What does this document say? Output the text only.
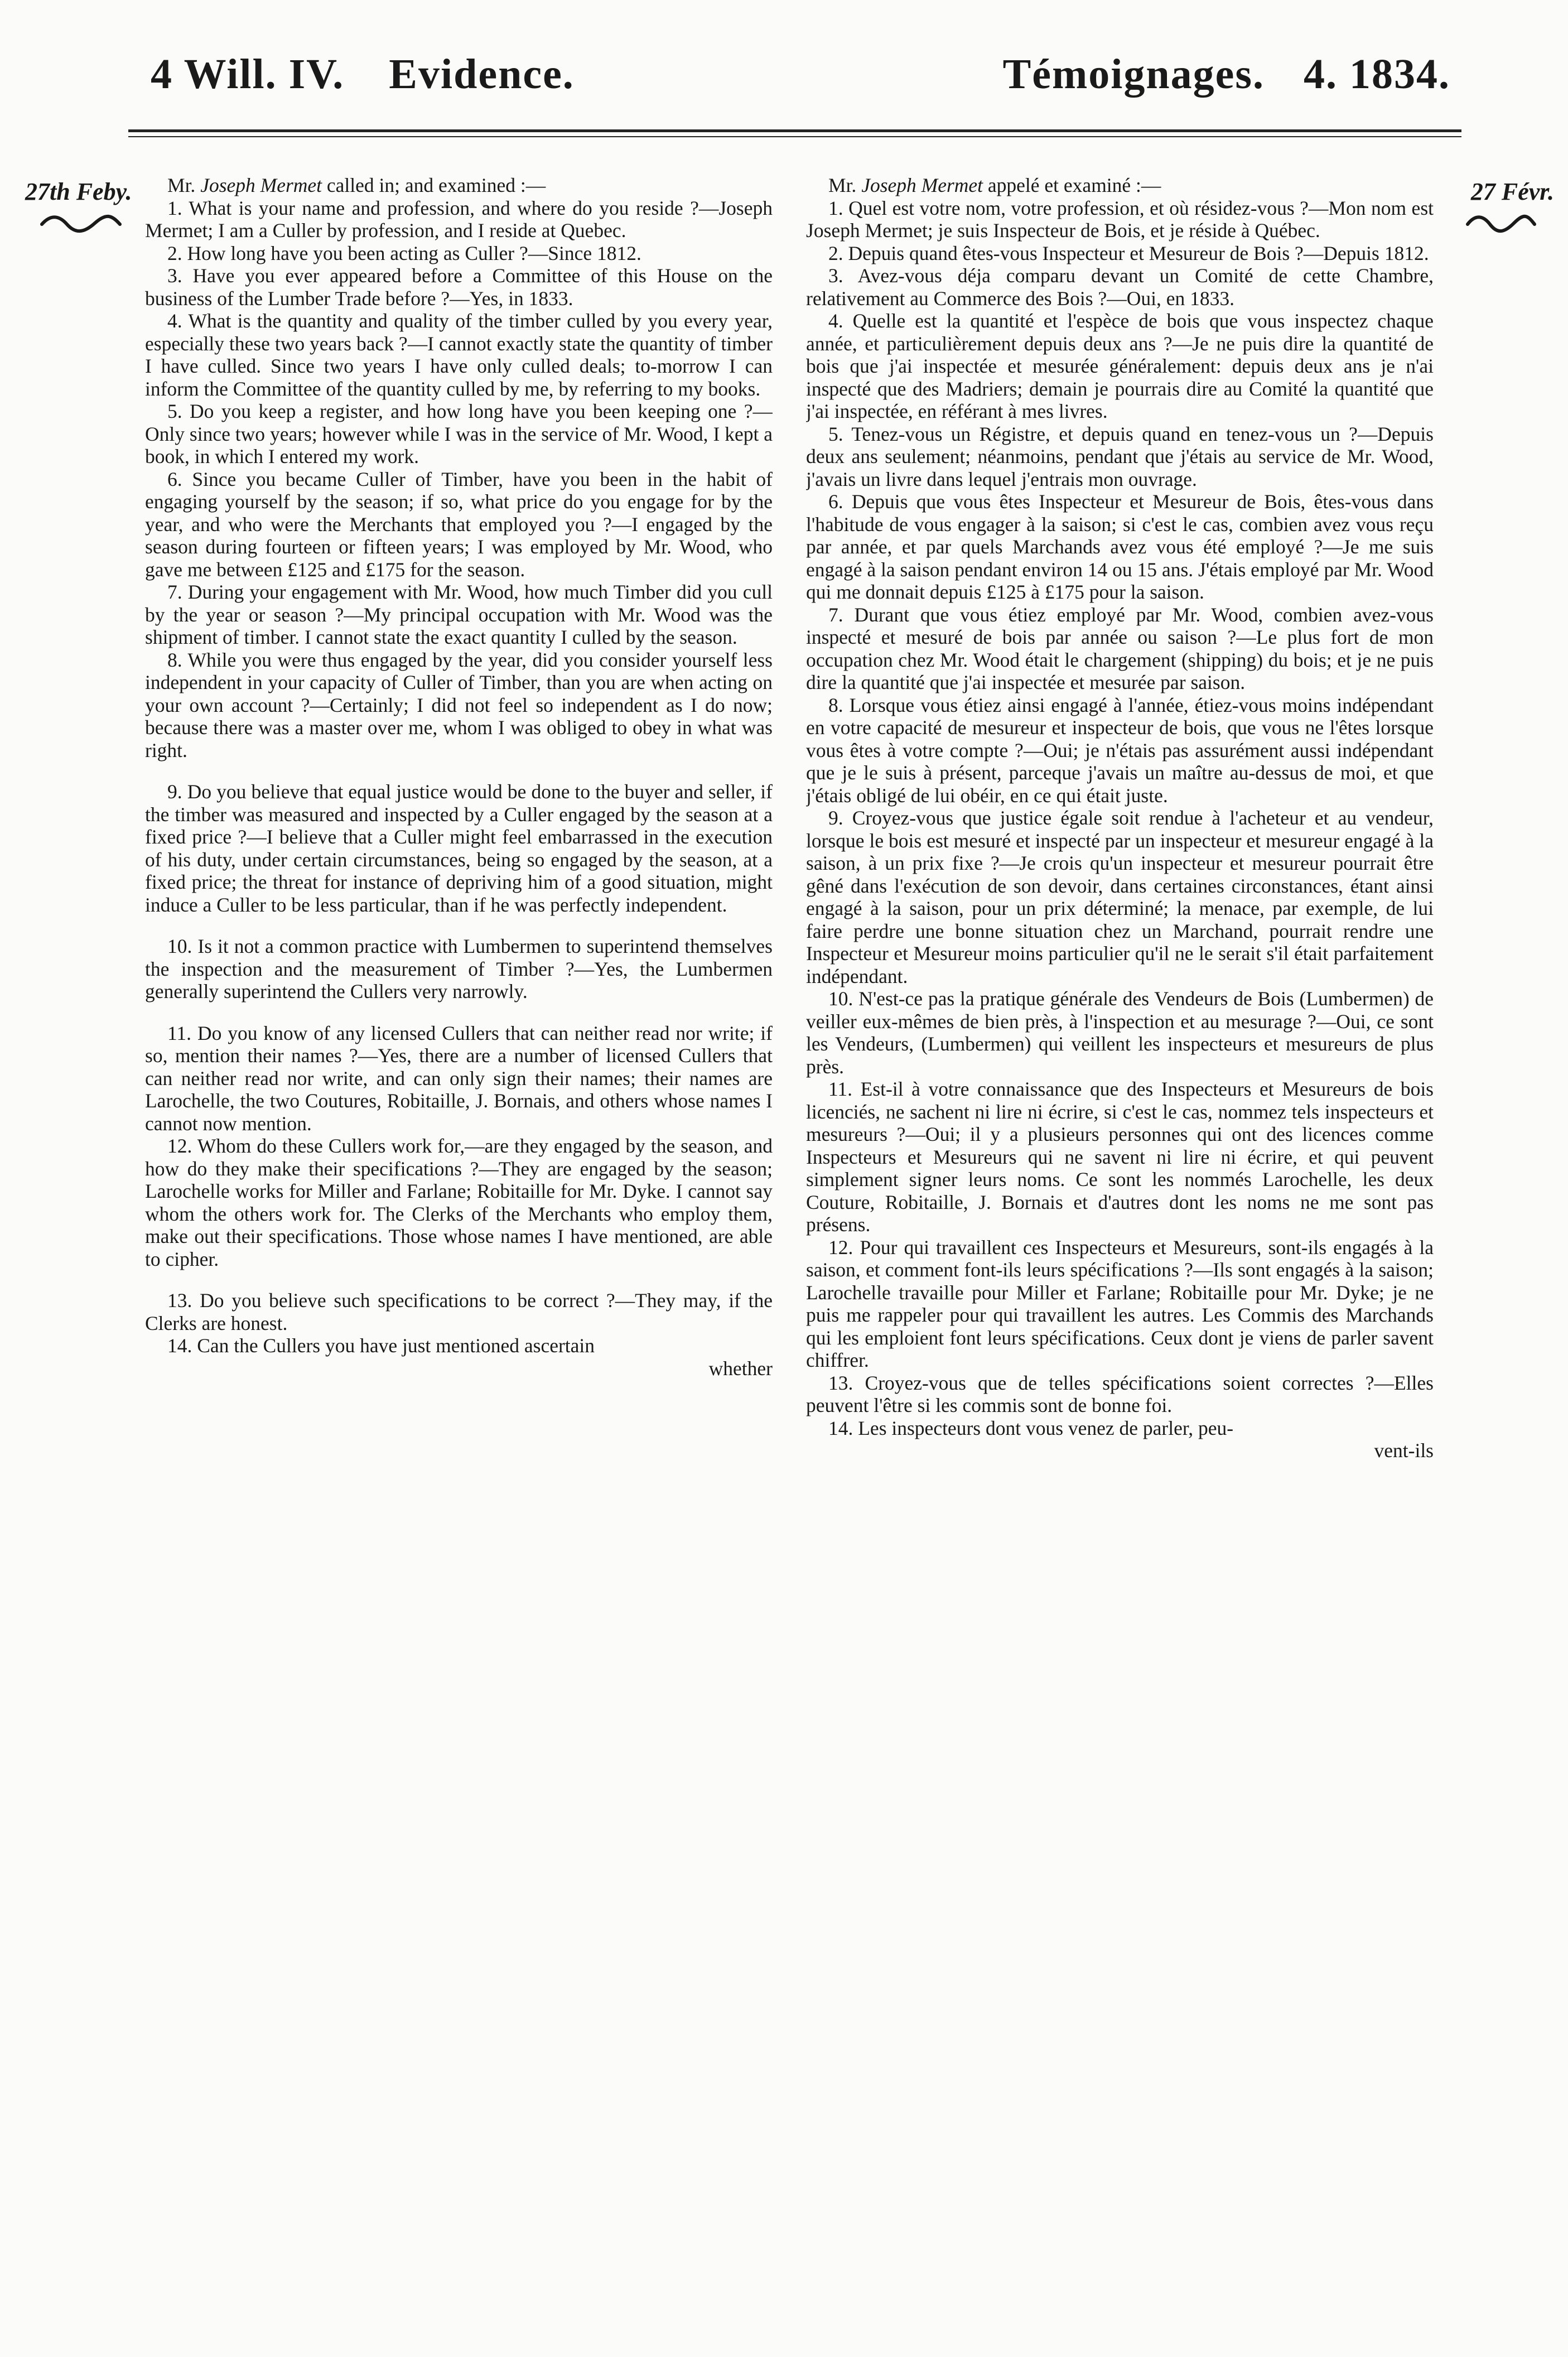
4 Will. IV. Evidence.	Témoignages. 4. 1834.
27th Feby.	27 Févr.

Mr. Joseph Mermet called in; and examined :—

1. What is your name and profession, and where do you reside ?—Joseph Mermet; I am a Culler by profession, and I reside at Quebec.

2. How long have you been acting as Culler ?—Since 1812.

3. Have you ever appeared before a Committee of this House on the business of the Lumber Trade before ?—Yes, in 1833.

4. What is the quantity and quality of the timber culled by you every year, especially these two years back ?—I cannot exactly state the quantity of timber I have culled. Since two years I have only culled deals; to-morrow I can inform the Committee of the quantity culled by me, by referring to my books.

5. Do you keep a register, and how long have you been keeping one ?—Only since two years; however while I was in the service of Mr. Wood, I kept a book, in which I entered my work.

6. Since you became Culler of Timber, have you been in the habit of engaging yourself by the season; if so, what price do you engage for by the year, and who were the Merchants that employed you ?—I engaged by the season during fourteen or fifteen years; I was employed by Mr. Wood, who gave me between £125 and £175 for the season.

7. During your engagement with Mr. Wood, how much Timber did you cull by the year or season ?—My principal occupation with Mr. Wood was the shipment of timber. I cannot state the exact quantity I culled by the season.

8. While you were thus engaged by the year, did you consider yourself less independent in your capacity of Culler of Timber, than you are when acting on your own account ?—Certainly; I did not feel so independent as I do now; because there was a master over me, whom I was obliged to obey in what was right.

9. Do you believe that equal justice would be done to the buyer and seller, if the timber was measured and inspected by a Culler engaged by the season at a fixed price ?—I believe that a Culler might feel embarrassed in the execution of his duty, under certain circumstances, being so engaged by the season, at a fixed price; the threat for instance of depriving him of a good situation, might induce a Culler to be less particular, than if he was perfectly independent.

10. Is it not a common practice with Lumbermen to superintend themselves the inspection and the measurement of Timber ?—Yes, the Lumbermen generally superintend the Cullers very narrowly.

11. Do you know of any licensed Cullers that can neither read nor write; if so, mention their names ?—Yes, there are a number of licensed Cullers that can neither read nor write, and can only sign their names; their names are Larochelle, the two Coutures, Robitaille, J. Bornais, and others whose names I cannot now mention.

12. Whom do these Cullers work for,—are they engaged by the season, and how do they make their specifications ?—They are engaged by the season; Larochelle works for Miller and Farlane; Robitaille for Mr. Dyke. I cannot say whom the others work for. The Clerks of the Merchants who employ them, make out their specifications. Those whose names I have mentioned, are able to cipher.

13. Do you believe such specifications to be correct ?—They may, if the Clerks are honest.

14. Can the Cullers you have just mentioned ascertain

whether

Mr. Joseph Mermet appelé et examiné :—

1. Quel est votre nom, votre profession, et où résidez-vous ?—Mon nom est Joseph Mermet; je suis Inspecteur de Bois, et je réside à Québec.

2. Depuis quand êtes-vous Inspecteur et Mesureur de Bois ?—Depuis 1812.

3. Avez-vous déja comparu devant un Comité de cette Chambre, relativement au Commerce des Bois ?—Oui, en 1833.

4. Quelle est la quantité et l'espèce de bois que vous inspectez chaque année, et particulièrement depuis deux ans ?—Je ne puis dire la quantité de bois que j'ai inspectée et mesurée généralement: depuis deux ans je n'ai inspecté que des Madriers; demain je pourrais dire au Comité la quantité que j'ai inspectée, en référant à mes livres.

5. Tenez-vous un Régistre, et depuis quand en tenez-vous un ?—Depuis deux ans seulement; néanmoins, pendant que j'étais au service de Mr. Wood, j'avais un livre dans lequel j'entrais mon ouvrage.

6. Depuis que vous êtes Inspecteur et Mesureur de Bois, êtes-vous dans l'habitude de vous engager à la saison; si c'est le cas, combien avez vous reçu par année, et par quels Marchands avez vous été employé ?—Je me suis engagé à la saison pendant environ 14 ou 15 ans. J'étais employé par Mr. Wood qui me donnait depuis £125 à £175 pour la saison.

7. Durant que vous étiez employé par Mr. Wood, combien avez-vous inspecté et mesuré de bois par année ou saison ?—Le plus fort de mon occupation chez Mr. Wood était le chargement (shipping) du bois; et je ne puis dire la quantité que j'ai inspectée et mesurée par saison.

8. Lorsque vous étiez ainsi engagé à l'année, étiez-vous moins indépendant en votre capacité de mesureur et inspecteur de bois, que vous ne l'êtes lorsque vous êtes à votre compte ?—Oui; je n'étais pas assurément aussi indépendant que je le suis à présent, parceque j'avais un maître au-dessus de moi, et que j'étais obligé de lui obéir, en ce qui était juste.

9. Croyez-vous que justice égale soit rendue à l'acheteur et au vendeur, lorsque le bois est mesuré et inspecté par un inspecteur et mesureur engagé à la saison, à un prix fixe ?—Je crois qu'un inspecteur et mesureur pourrait être gêné dans l'exécution de son devoir, dans certaines circonstances, étant ainsi engagé à la saison, pour un prix déterminé; la menace, par exemple, de lui faire perdre une bonne situation chez un Marchand, pourrait rendre une Inspecteur et Mesureur moins particulier qu'il ne le serait s'il était parfaitement indépendant.

10. N'est-ce pas la pratique générale des Vendeurs de Bois (Lumbermen) de veiller eux-mêmes de bien près, à l'inspection et au mesurage ?—Oui, ce sont les Vendeurs, (Lumbermen) qui veillent les inspecteurs et mesureurs de plus près.

11. Est-il à votre connaissance que des Inspecteurs et Mesureurs de bois licenciés, ne sachent ni lire ni écrire, si c'est le cas, nommez tels inspecteurs et mesureurs ?—Oui; il y a plusieurs personnes qui ont des licences comme Inspecteurs et Mesureurs qui ne savent ni lire ni écrire, et qui peuvent simplement signer leurs noms. Ce sont les nommés Larochelle, les deux Couture, Robitaille, J. Bornais et d'autres dont les noms ne me sont pas présens.

12. Pour qui travaillent ces Inspecteurs et Mesureurs, sont-ils engagés à la saison, et comment font-ils leurs spécifications ?—Ils sont engagés à la saison; Larochelle travaille pour Miller et Farlane; Robitaille pour Mr. Dyke; je ne puis me rappeler pour qui travaillent les autres. Les Commis des Marchands qui les emploient font leurs spécifications. Ceux dont je viens de parler savent chiffrer.

13. Croyez-vous que de telles spécifications soient correctes ?—Elles peuvent l'être si les commis sont de bonne foi.

14. Les inspecteurs dont vous venez de parler, peu-

vent-ils
